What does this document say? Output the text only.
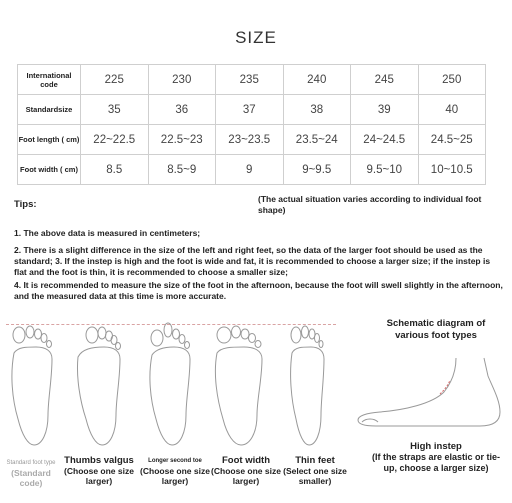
SIZE
International code	225	230	235	240	245	250
Standardsize	35	36	37	38	39	40
Foot length ( cm)	22~22.5	22.5~23	23~23.5	23.5~24	24~24.5	24.5~25
Foot width ( cm)	8.5	8.5~9	9	9~9.5	9.5~10	10~10.5
Tips:	(The actual situation varies according to individual foot shape)
1. The above data is measured in centimeters;
2. There is a slight difference in the size of the left and right feet, so the data of the larger foot should be used as the standard; 3. If the instep is high and the foot is wide and fat, it is recommended to choose a larger size; if the instep is flat and the foot is thin, it is recommended to choose a smaller size;
4. It is recommended to measure the size of the foot in the afternoon, because the foot will swell slightly in the afternoon, and the measured data at this time is more accurate.
Standard foot type
(Standard code)
Thumbs valgus
(Choose one size larger)
Longer second toe
(Choose one size larger)
Foot width
(Choose one size larger)
Thin feet
(Select one size smaller)
Schematic diagram of various foot types
High instep
(If the straps are elastic or tie-up, choose a larger size)
